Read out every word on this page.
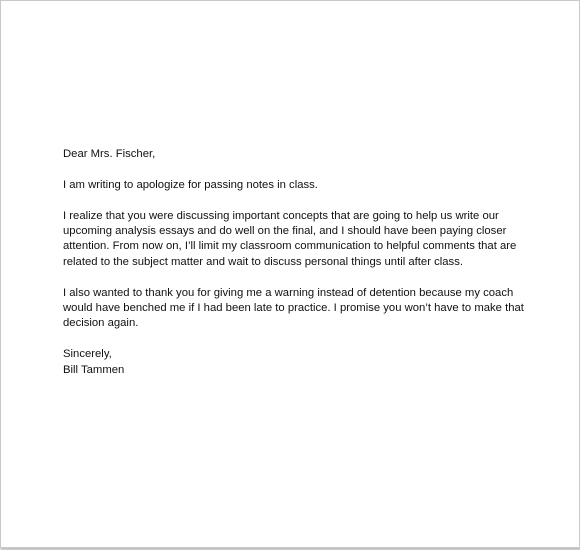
Dear Mrs. Fischer,

I am writing to apologize for passing notes in class.

I realize that you were discussing important concepts that are going to help us write our
upcoming analysis essays and do well on the final, and I should have been paying closer
attention. From now on, I’ll limit my classroom communication to helpful comments that are
related to the subject matter and wait to discuss personal things until after class.

I also wanted to thank you for giving me a warning instead of detention because my coach
would have benched me if I had been late to practice. I promise you won’t have to make that
decision again.

Sincerely,
Bill Tammen
